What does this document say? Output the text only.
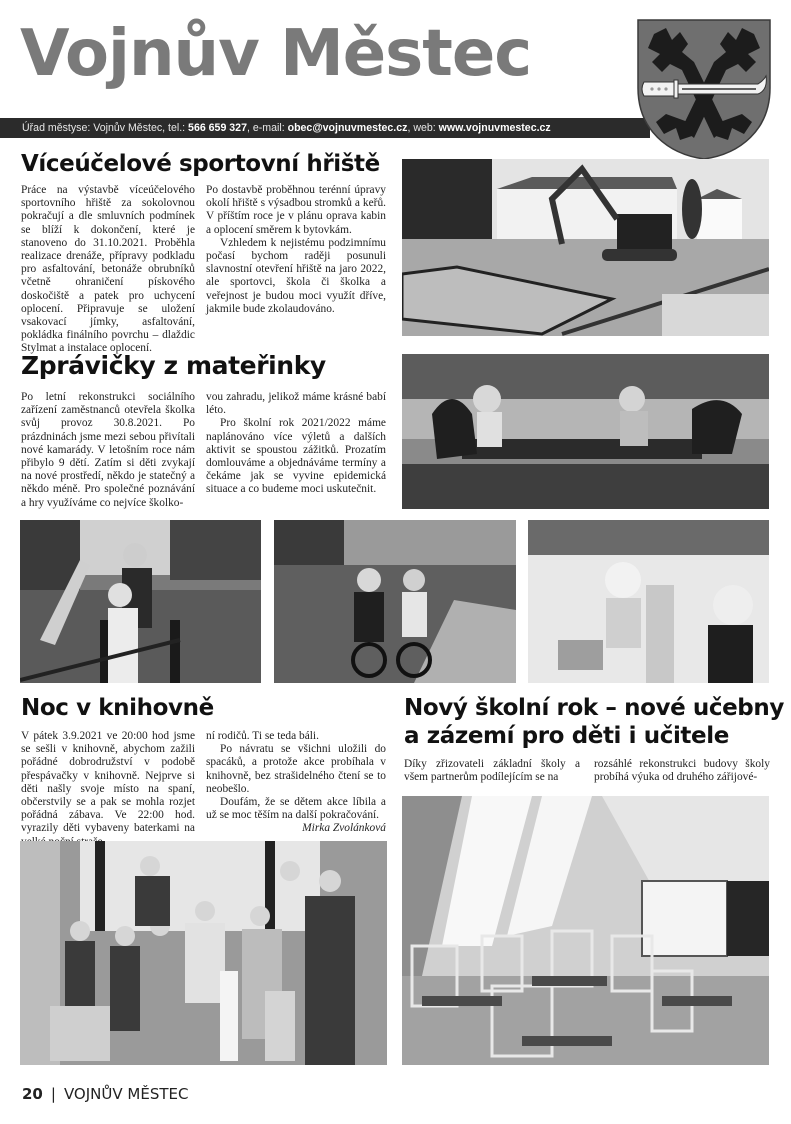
Vojnův Městec
Úřad městyse: Vojnův Městec, tel.: 566 659 327, e-mail: obec@vojnuvmestec.cz, web: www.vojnuvmestec.cz
Víceúčelové sportovní hřiště

Práce na výstavbě víceúčelového sportovního hřiště za sokolovnou pokračují a dle smluvních podmínek se blíží k dokončení, které je stanoveno do 31.10.2021. Proběhla realizace drenáže, přípravy podkladu pro asfaltování, betonáže obrubníků včetně ohraničení pískového doskočiště a patek pro uchycení oplocení. Připravuje se uložení vsakovací jímky, asfaltování, pokládka finálního povrchu – dlaždic Stylmat a instalace oplocení.

Po dostavbě proběhnou terénní úpravy okolí hřiště s výsadbou stromků a keřů. V příštím roce je v plánu oprava kabin a oplocení směrem k bytovkám.

Vzhledem k nejistému podzimnímu počasí bychom raději posunuli slavnostní otevření hřiště na jaro 2022, ale sportovci, škola či školka a veřejnost je budou moci využít dříve, jakmile bude zkolaudováno.

Zprávičky z mateřinky

Po letní rekonstrukci sociálního zařízení zaměstnanců otevřela školka svůj provoz 30.8.2021. Po prázdninách jsme mezi sebou přivítali nové kamarády. V letošním roce nám přibylo 9 dětí. Zatím si děti zvykají na nové prostředí, někdo je statečný a někdo méně. Pro společné poznávání a hry využíváme co nejvíce školko-

vou zahradu, jelikož máme krásné babí léto.

Pro školní rok 2021/2022 máme naplánováno více výletů a dalších aktivit se spoustou zážitků. Prozatím domlouváme a objednáváme termíny a čekáme jak se vyvine epidemická situace a co budeme moci uskutečnit.

Noc v knihovně

V pátek 3.9.2021 ve 20:00 hod jsme se sešli v knihovně, abychom zažili pořádné dobrodružství v podobě přespávačky v knihovně. Nejprve si děti našly svoje místo na spaní, občerstvily se a pak se mohla rozjet pořádná zábava. Ve 22:00 hod. vyrazily děti vybaveny baterkami na

ní rodičů. Ti se teda báli.

Po návratu se všichni uložili do spacáků, a protože akce probíhala v knihovně, bez strašidelného čtení se to neobešlo.

Doufám, že se dětem akce líbila a už se moc těším na další pokračování.

Mirka Zvolánková

Nový školní rok – nové učebny
a zázemí pro děti i učitele

Díky zřizovateli základní školy a všem partnerům podílejícím se na

rozsáhlé rekonstrukci budovy školy probíhá výuka od druhého zářijové-

20 | VOJNŮV MĚSTEC
